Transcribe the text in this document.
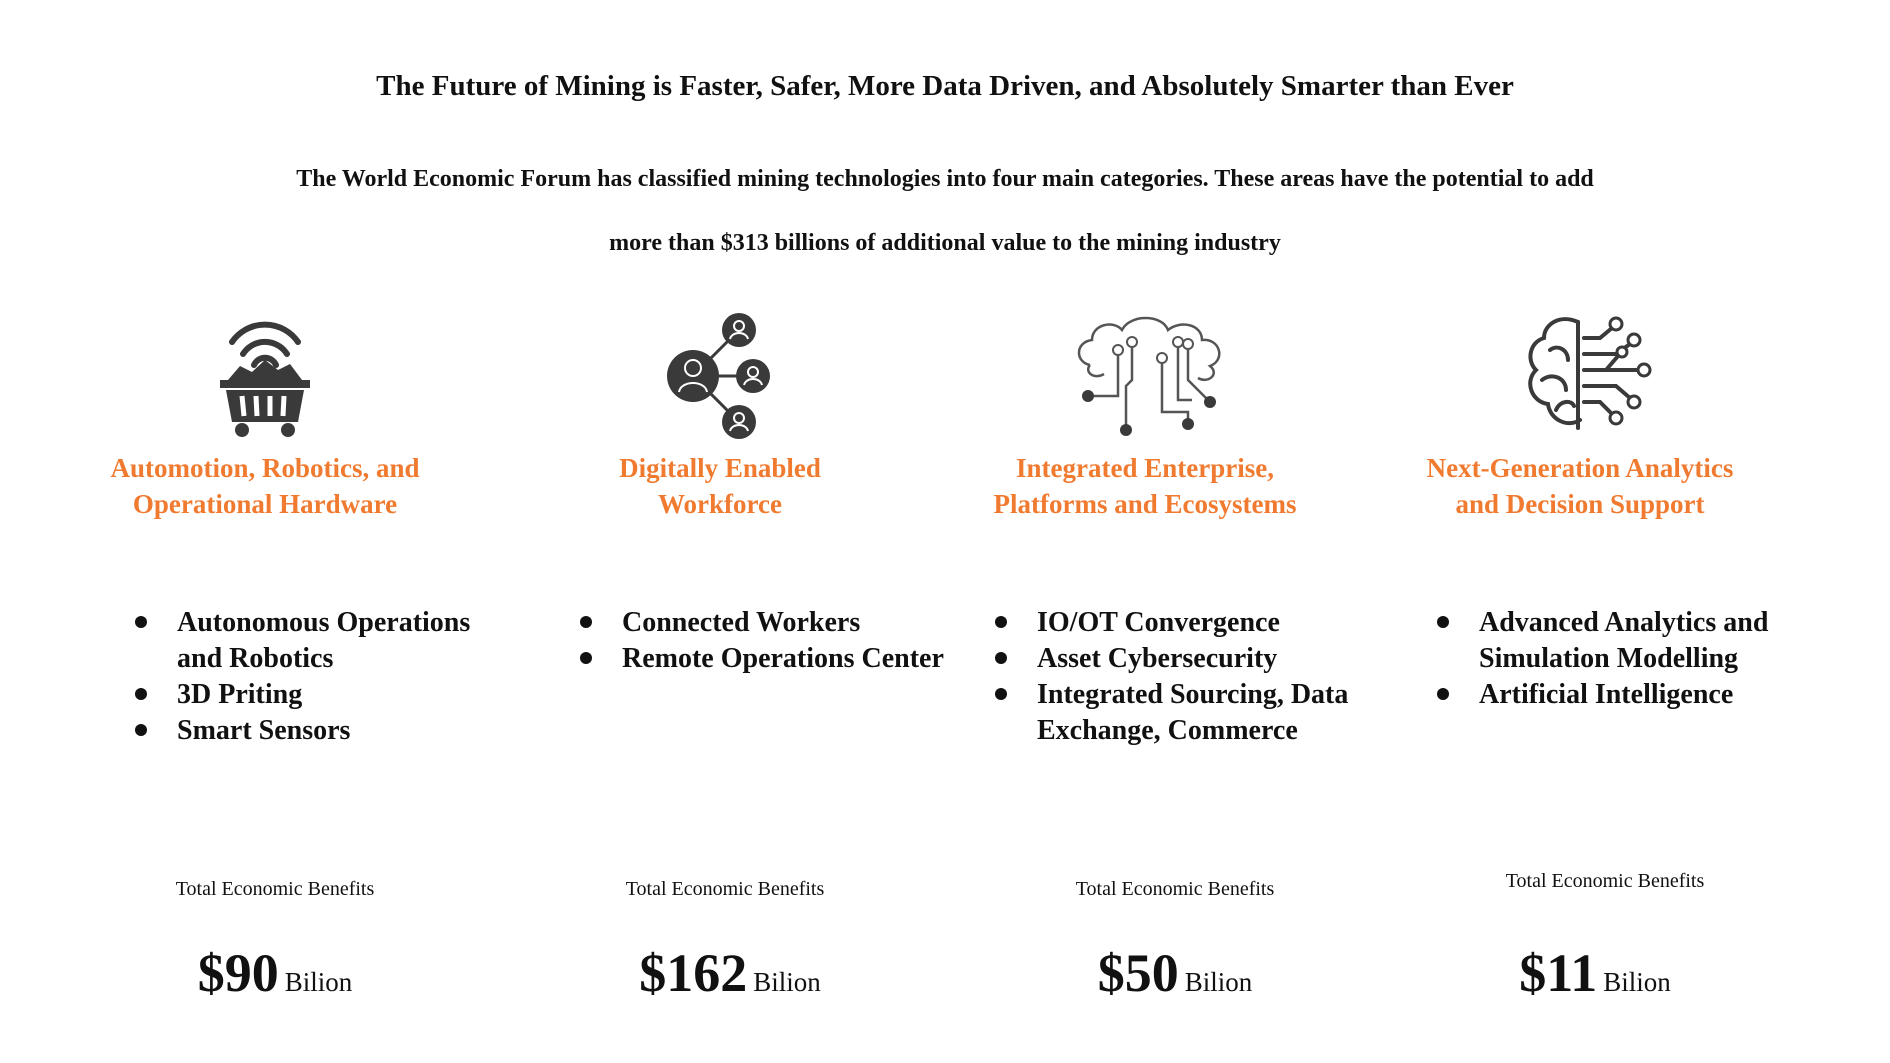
The Future of Mining is Faster, Safer, More Data Driven, and Absolutely Smarter than Ever

The World Economic Forum has classified mining technologies into four main categories. These areas have the potential to add more than $313 billions of additional value to the mining industry

Automotion, Robotics, and
Operational Hardware

Autonomous Operations and Robotics
3D Priting
Smart Sensors
Total Economic Benefits
$90 Bilion

Digitally Enabled
Workforce

Connected Workers
Remote Operations Center
Total Economic Benefits
$162 Bilion

Integrated Enterprise,
Platforms and Ecosystems

IO/OT Convergence
Asset Cybersecurity
Integrated Sourcing, Data Exchange, Commerce
Total Economic Benefits
$50 Bilion

Next-Generation Analytics
and Decision Support

Advanced Analytics and Simulation Modelling
Artificial Intelligence
Total Economic Benefits
$11 Bilion
